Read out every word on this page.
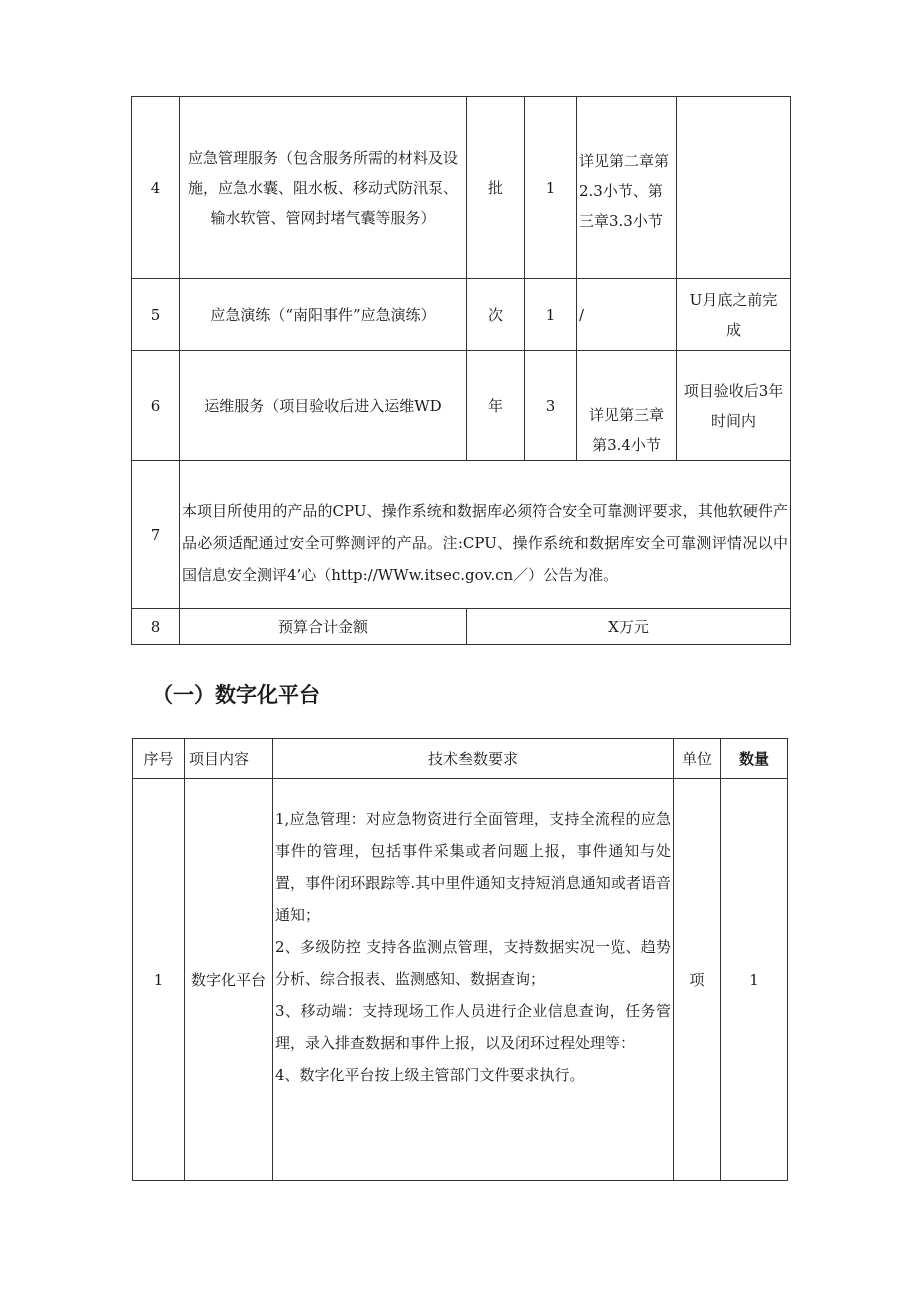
4	应急管理服务（包含服务所需的材料及设施，应急水囊、阻水板、移动式防汛泵、输水软管、管网封堵气囊等服务）	批	1	详见第二章第2.3小节、第三章3.3小节	
5	应急演练（“南阳事件”应急演练）	次	1	/	U月底之前完成
6	运维服务（项目验收后进入运维WD	年	3	详见第三章第3.4小节	项目验收后3年时间内
7	本项目所使用的产品的CPU、操作系统和数据库必须符合安全可靠测评要求，其他软硬件产品必须适配通过安全可弊测评的产品。注:CPU、操作系统和数据库安全可靠测评情况以中国信息安全测评4’心（http://WWw.itsec.gov.cn／）公告为准。				
8	预算合计金额	X万元			
（一）数字化平台
序号	项目内容	技术叁数要求	单位	数量
1	数字化平台	1,应急管理：对应急物资进行全面管理，支持全流程的应急事件的管理，包括事件采集或者问题上报，事件通知与处置，事件闭环跟踪等.其中里件通知支持短消息通知或者语音通知；
2、多级防控 支持各监测点管理，支持数据实况一览、趋势分析、综合报表、监测感知、数据查询；
3、移动端：支持现场工作人员进行企业信息查询，任务管理，录入排查数据和事件上报，以及闭环过程处理等：
4、数字化平台按上级主管部门文件要求执行。	项	1
